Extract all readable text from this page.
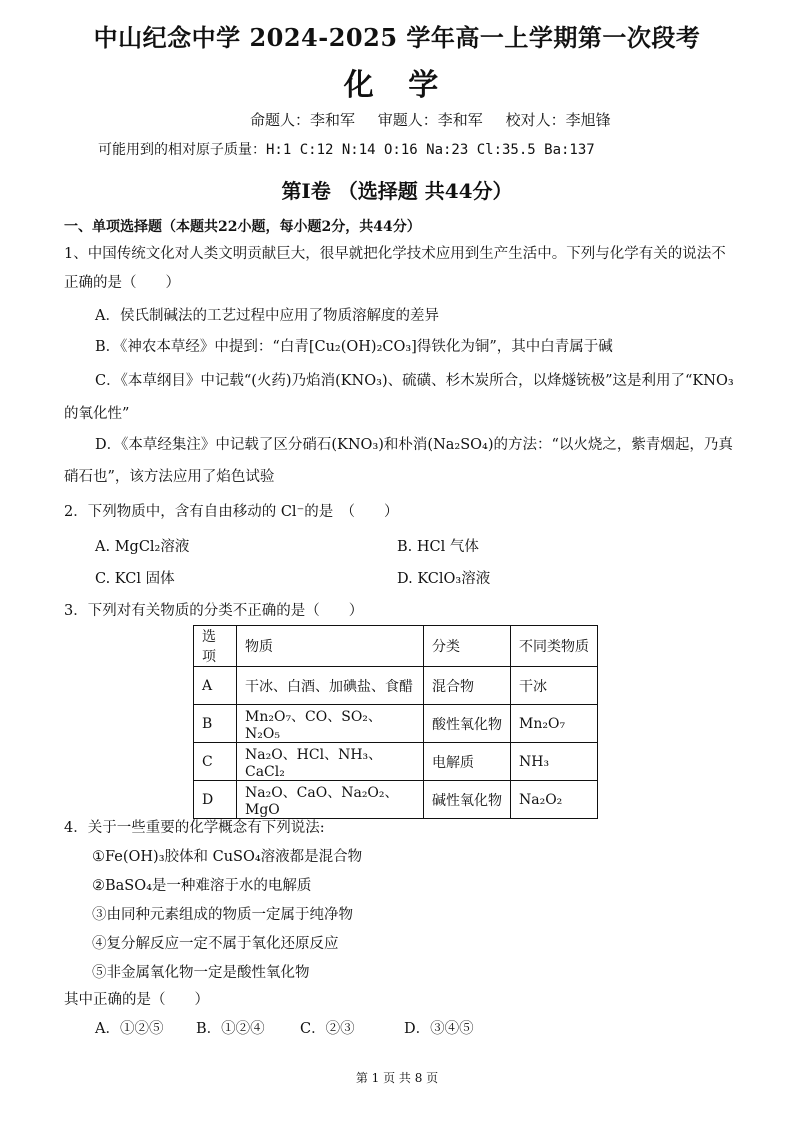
中山纪念中学 2024-2025 学年高一上学期第一次段考
化 学
命题人：李和军 审题人：李和军 校对人：李旭锋
可能用到的相对原子质量：H:1 C:12 N:14 O:16 Na:23 Cl:35.5 Ba:137
第Ⅰ卷 （选择题 共44分）
一、单项选择题（本题共22小题，每小题2分，共44分）
1、中国传统文化对人类文明贡献巨大，很早就把化学技术应用到生产生活中。下列与化学有关的说法不
正确的是（　　）
A．侯氏制碱法的工艺过程中应用了物质溶解度的差异
B．《神农本草经》中提到：“白青[Cu₂(OH)₂CO₃]得铁化为铜”，其中白青属于碱
C．《本草纲目》中记载“(火药)乃焰消(KNO₃)、硫磺、杉木炭所合，以烽燧铳极”这是利用了“KNO₃
的氧化性”
D．《本草经集注》中记载了区分硝石(KNO₃)和朴消(Na₂SO₄)的方法：“以火烧之，紫青烟起，乃真
硝石也”，该方法应用了焰色试验
2．下列物质中，含有自由移动的 Cl⁻的是　（　　）
A. MgCl₂溶液	B. HCl 气体
C. KCl 固体	D. KClO₃溶液
3．下列对有关物质的分类不正确的是（　　）
选项	物质	分类	不同类物质
A	干冰、白酒、加碘盐、食醋	混合物	干冰
B	Mn₂O₇、CO、SO₂、N₂O₅	酸性氧化物	Mn₂O₇
C	Na₂O、HCl、NH₃、CaCl₂	电解质	NH₃
D	Na₂O、CaO、Na₂O₂、MgO	碱性氧化物	Na₂O₂
4．关于一些重要的化学概念有下列说法:
①Fe(OH)₃胶体和 CuSO₄溶液都是混合物
②BaSO₄是一种难溶于水的电解质
③由同种元素组成的物质一定属于纯净物
④复分解反应一定不属于氧化还原反应
⑤非金属氧化物一定是酸性氧化物
其中正确的是（　　）
A．①②⑤ B．①②④ C．②③	D．③④⑤
第 1 页 共 8 页
